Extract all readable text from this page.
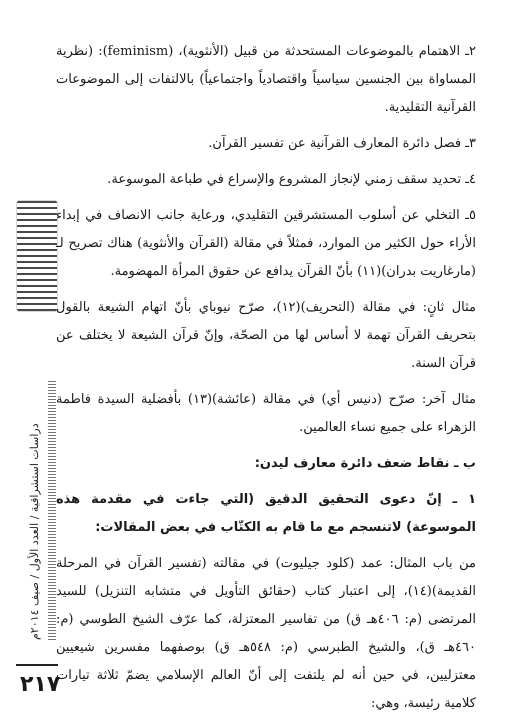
دراسات استشراقية / العدد الأول / صيف ٢٠١٤م
٢١٧

٢ـ الاهتمام بالموضوعات المستحدثة من قبيل (الأنثوية)، (feminism): (نظرية المساواة بين الجنسين سياسياً واقتصادياً واجتماعياً) بالالتفات إلى الموضوعات القرآنية التقليدية.

٣ـ فصل دائرة المعارف القرآنية عن تفسير القرآن.

٤ـ تحديد سقف زمني لإنجاز المشروع والإسراع في طباعة الموسوعة.

٥ـ التخلي عن أسلوب المستشرقين التقليدي، ورعاية جانب الانصاف في إبداء الأراء حول الكثير من الموارد، فمثلاً في مقالة (القرآن والأنثوية) هناك تصريح لـ (مارغاريت بدران)(١١) بأنّ القرآن يدافع عن حقوق المرأة المهضومة.

مثال ثانٍ: في مقالة (التحريف)(١٢)، صرّح نيوباي بأنّ اتهام الشيعة بالقول بتحريف القرآن تهمة لا أساس لها من الصحّة، وإنّ قرآن الشيعة لا يختلف عن قرآن السنة.

مثال آخر: صرّح (دنيس أي) في مقالة (عائشة)(١٣) بأفضلية السيدة فاطمة الزهراء على جميع نساء العالمين.

ب ـ نقاط ضعف دائرة معارف ليدن:

١ ـ إنّ دعوى التحقيق الدقيق (التي جاءت في مقدمة هذه الموسوعة) لاتنسجم مع ما قام به الكتّاب في بعض المقالات:

من باب المثال: عمد (كلود جيليوت) في مقالته (تفسير القرآن في المرحلة القديمة)(١٤)، إلى اعتبار كتاب (حقائق التأويل في متشابه التنزيل) للسيد المرتضى (م: ٤٠٦هـ ق) من تفاسير المعتزلة، كما عرّف الشيخ الطوسي (م: ٤٦٠هـ ق)، والشيخ الطبرسي (م: ٥٤٨هـ ق) بوصفهما مفسرين شيعيين معتزليين، في حين أنه لم يلتفت إلى أنّ العالم الإسلامي يضمّ ثلاثة تيارات كلامية رئيسة، وهي:
